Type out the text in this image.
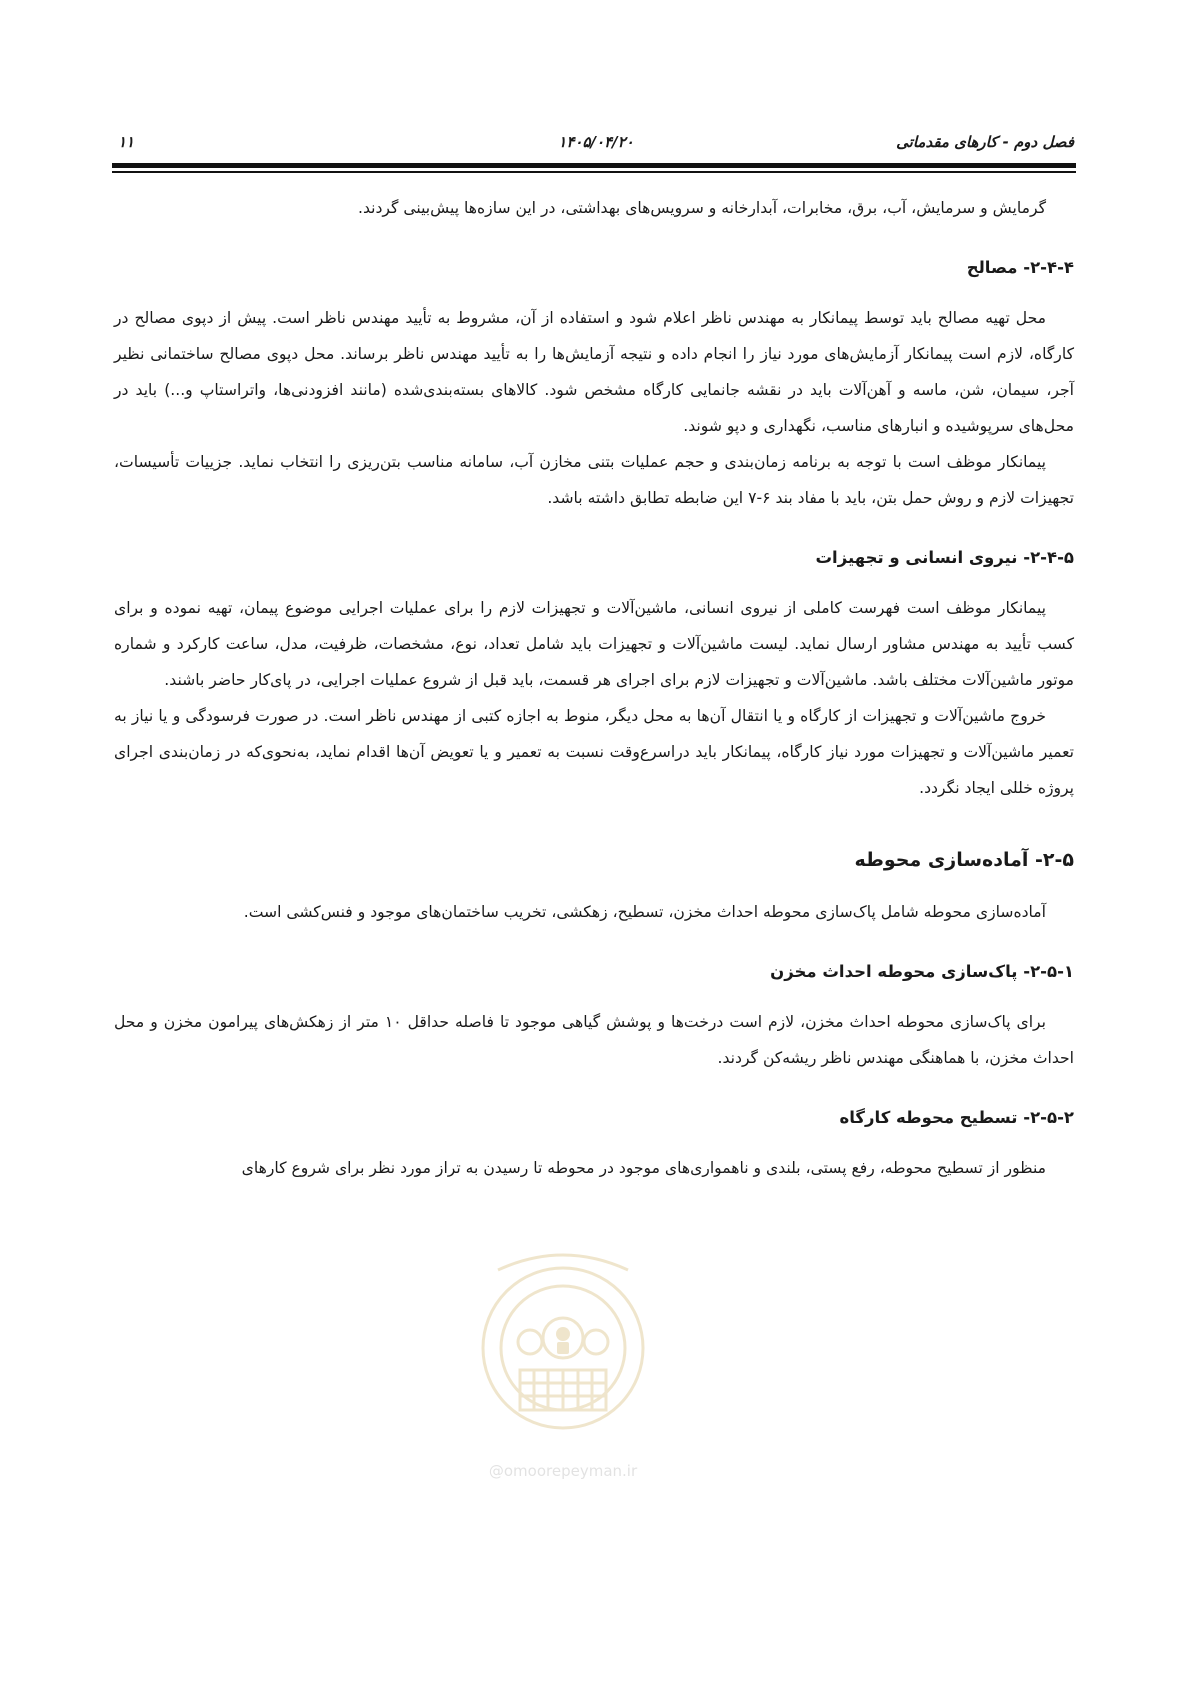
فصل دوم - کارهای مقدماتی
۱۴۰۵/۰۴/۲۰
۱۱

گرمایش و سرمایش، آب، برق، مخابرات، آبدارخانه و سرویس‌های بهداشتی، در این سازه‌ها پیش‌بینی گردند.

۲-۴-۴- مصالح

محل تهیه مصالح باید توسط پیمانکار به مهندس ناظر اعلام شود و استفاده از آن، مشروط به تأیید مهندس ناظر است. پیش از دپوی مصالح در کارگاه، لازم است پیمانکار آزمایش‌های مورد نیاز را انجام داده و نتیجه آزمایش‌ها را به تأیید مهندس ناظر برساند. محل دپوی مصالح ساختمانی نظیر آجر، سیمان، شن، ماسه و آهن‌آلات باید در نقشه جانمایی کارگاه مشخص شود. کالاهای بسته‌بندی‌شده (مانند افزودنی‌ها، واتراستاپ و...) باید در محل‌های سرپوشیده و انبارهای مناسب، نگهداری و دپو شوند.

پیمانکار موظف است با توجه به برنامه زمان‌بندی و حجم عملیات بتنی مخازن آب، سامانه مناسب بتن‌ریزی را انتخاب نماید. جزییات تأسیسات، تجهیزات لازم و روش حمل بتن، باید با مفاد بند ۶-۷ این ضابطه تطابق داشته باشد.

۲-۴-۵- نیروی انسانی و تجهیزات

پیمانکار موظف است فهرست کاملی از نیروی انسانی، ماشین‌آلات و تجهیزات لازم را برای عملیات اجرایی موضوع پیمان، تهیه نموده و برای کسب تأیید به مهندس مشاور ارسال نماید. لیست ماشین‌آلات و تجهیزات باید شامل تعداد، نوع، مشخصات، ظرفیت، مدل، ساعت کارکرد و شماره موتور ماشین‌آلات مختلف باشد. ماشین‌آلات و تجهیزات لازم برای اجرای هر قسمت، باید قبل از شروع عملیات اجرایی، در پای‌کار حاضر باشند.

خروج ماشین‌آلات و تجهیزات از کارگاه و یا انتقال آن‌ها به محل دیگر، منوط به اجازه کتبی از مهندس ناظر است. در صورت فرسودگی و یا نیاز به تعمیر ماشین‌آلات و تجهیزات مورد نیاز کارگاه، پیمانکار باید دراسرع‌وقت نسبت به تعمیر و یا تعویض آن‌ها اقدام نماید، به‌نحوی‌که در زمان‌بندی اجرای پروژه خللی ایجاد نگردد.

۲-۵- آماده‌سازی محوطه

آماده‌سازی محوطه شامل پاک‌سازی محوطه احداث مخزن، تسطیح، زهکشی، تخریب ساختمان‌های موجود و فنس‌کشی است.

۲-۵-۱- پاک‌سازی محوطه احداث مخزن

برای پاک‌سازی محوطه احداث مخزن، لازم است درخت‌ها و پوشش گیاهی موجود تا فاصله حداقل ۱۰ متر از زهکش‌های پیرامون مخزن و محل احداث مخزن، با هماهنگی مهندس ناظر ریشه‌کن گردند.

۲-۵-۲- تسطیح محوطه کارگاه

منظور از تسطیح محوطه، رفع پستی، بلندی و ناهمواری‌های موجود در محوطه تا رسیدن به تراز مورد نظر برای شروع کارهای

@omoorepeyman.ir
